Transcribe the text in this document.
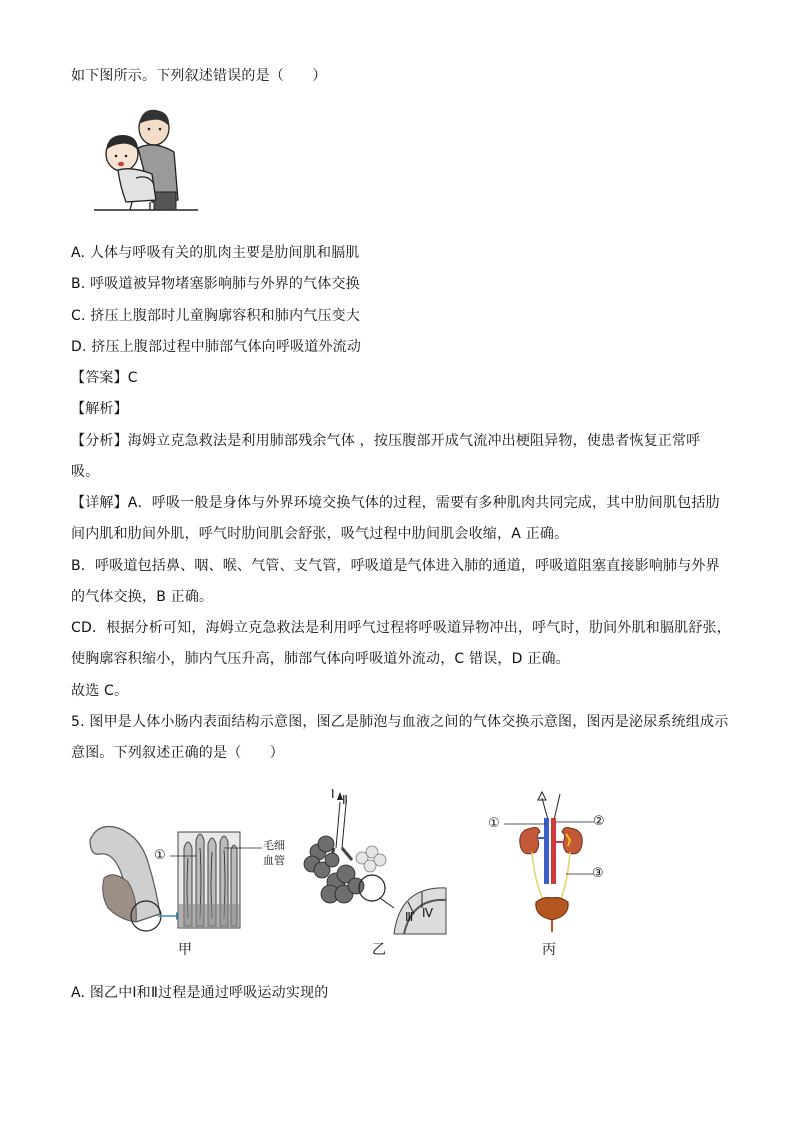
如下图所示。下列叙述错误的是（　　）
A. 人体与呼吸有关的肌肉主要是肋间肌和膈肌
B. 呼吸道被异物堵塞影响肺与外界的气体交换
C. 挤压上腹部时儿童胸廓容积和肺内气压变大
D. 挤压上腹部过程中肺部气体向呼吸道外流动
【答案】C
【解析】
【分析】海姆立克急救法是利用肺部残余气体 ，按压腹部开成气流冲出梗阻异物，使患者恢复正常呼
吸。
【详解】A．呼吸一般是身体与外界环境交换气体的过程，需要有多种肌肉共同完成，其中肋间肌包括肋
间内肌和肋间外肌，呼气时肋间肌会舒张，吸气过程中肋间肌会收缩，A 正确。
B．呼吸道包括鼻、咽、喉、气管、支气管，呼吸道是气体进入肺的通道，呼吸道阻塞直接影响肺与外界
的气体交换，B 正确。
CD．根据分析可知，海姆立克急救法是利用呼气过程将呼吸道异物冲出，呼气时，肋间外肌和膈肌舒张，
使胸廓容积缩小，肺内气压升高，肺部气体向呼吸道外流动，C 错误，D 正确。
故选 C。
5. 图甲是人体小肠内表面结构示意图，图乙是肺泡与血液之间的气体交换示意图，图丙是泌尿系统组成示
意图。下列叙述正确的是（　　）
①
毛细
血管
甲
Ⅰ Ⅱ
Ⅲ Ⅳ
乙
①	②
③
丙
A. 图乙中Ⅰ和Ⅱ过程是通过呼吸运动实现的
